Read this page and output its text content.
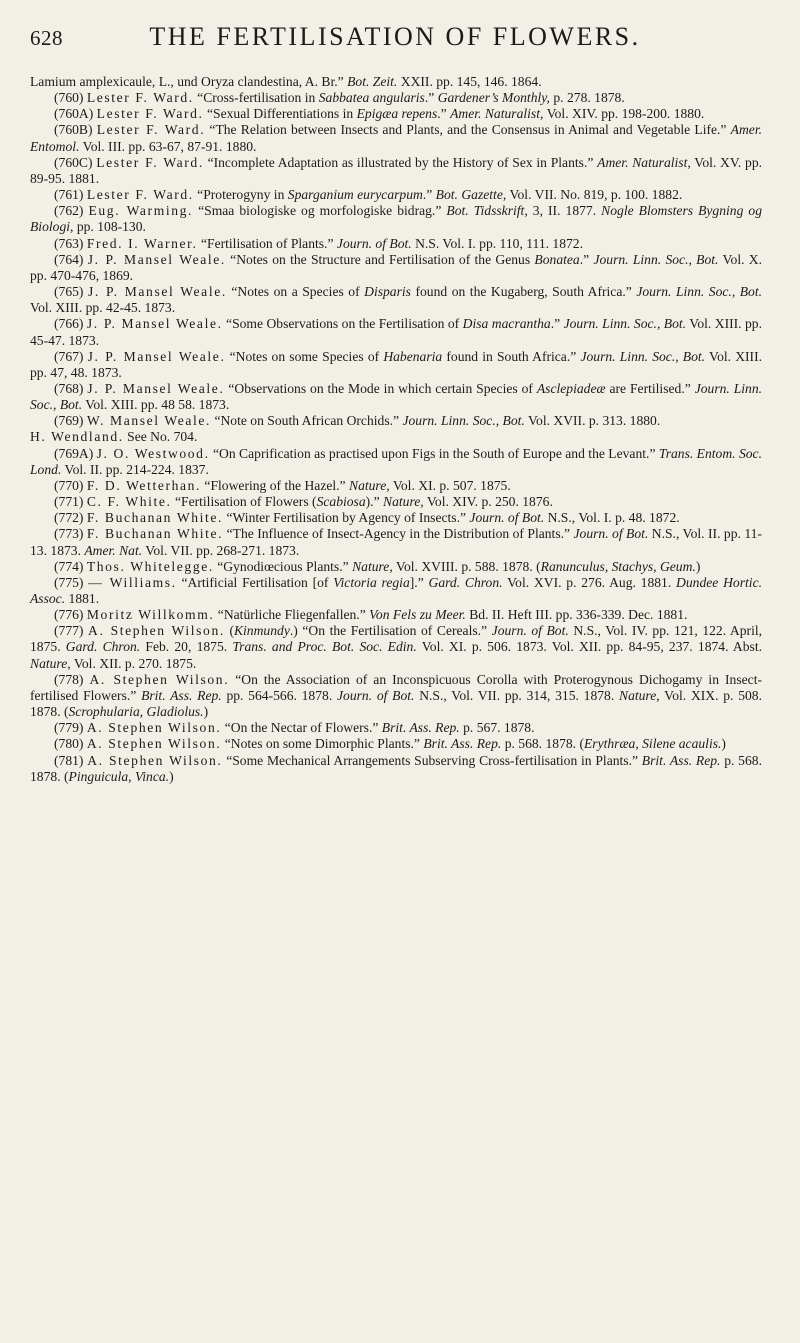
628	THE FERTILISATION OF FLOWERS.

Lamium amplexicaule, L., und Oryza clandestina, A. Br.” Bot. Zeit. XXII. pp. 145, 146. 1864.

(760) Lester F. Ward. “Cross-fertilisation in Sabbatea angularis.” Gardener’s Monthly, p. 278. 1878.

(760A) Lester F. Ward. “Sexual Differentiations in Epigæa repens.” Amer. Naturalist, Vol. XIV. pp. 198-200. 1880.

(760B) Lester F. Ward. “The Relation between Insects and Plants, and the Consensus in Animal and Vegetable Life.” Amer. Entomol. Vol. III. pp. 63-67, 87-91. 1880.

(760C) Lester F. Ward. “Incomplete Adaptation as illustrated by the History of Sex in Plants.” Amer. Naturalist, Vol. XV. pp. 89-95. 1881.

(761) Lester F. Ward. “Proterogyny in Sparganium eurycarpum.” Bot. Gazette, Vol. VII. No. 819, p. 100. 1882.

(762) Eug. Warming. “Smaa biologiske og morfologiske bidrag.” Bot. Tidsskrift, 3, II. 1877. Nogle Blomsters Bygning og Biologi, pp. 108-130.

(763) Fred. I. Warner. “Fertilisation of Plants.” Journ. of Bot. N.S. Vol. I. pp. 110, 111. 1872.

(764) J. P. Mansel Weale. “Notes on the Structure and Fertilisation of the Genus Bonatea.” Journ. Linn. Soc., Bot. Vol. X. pp. 470-476, 1869.

(765) J. P. Mansel Weale. “Notes on a Species of Disparis found on the Kugaberg, South Africa.” Journ. Linn. Soc., Bot. Vol. XIII. pp. 42-45. 1873.

(766) J. P. Mansel Weale. “Some Observations on the Fertilisation of Disa macrantha.” Journ. Linn. Soc., Bot. Vol. XIII. pp. 45-47. 1873.

(767) J. P. Mansel Weale. “Notes on some Species of Habenaria found in South Africa.” Journ. Linn. Soc., Bot. Vol. XIII. pp. 47, 48. 1873.

(768) J. P. Mansel Weale. “Observations on the Mode in which certain Species of Asclepiadeæ are Fertilised.” Journ. Linn. Soc., Bot. Vol. XIII. pp. 48 58. 1873.

(769) W. Mansel Weale. “Note on South African Orchids.” Journ. Linn. Soc., Bot. Vol. XVII. p. 313. 1880.

H. Wendland. See No. 704.

(769A) J. O. Westwood. “On Caprification as practised upon Figs in the South of Europe and the Levant.” Trans. Entom. Soc. Lond. Vol. II. pp. 214-224. 1837.

(770) F. D. Wetterhan. “Flowering of the Hazel.” Nature, Vol. XI. p. 507. 1875.

(771) C. F. White. “Fertilisation of Flowers (Scabiosa).” Nature, Vol. XIV. p. 250. 1876.

(772) F. Buchanan White. “Winter Fertilisation by Agency of Insects.” Journ. of Bot. N.S., Vol. I. p. 48. 1872.

(773) F. Buchanan White. “The Influence of Insect-Agency in the Distribution of Plants.” Journ. of Bot. N.S., Vol. II. pp. 11-13. 1873. Amer. Nat. Vol. VII. pp. 268-271. 1873.

(774) Thos. Whitelegge. “Gynodiœcious Plants.” Nature, Vol. XVIII. p. 588. 1878. (Ranunculus, Stachys, Geum.)

(775) — Williams. “Artificial Fertilisation [of Victoria regia].” Gard. Chron. Vol. XVI. p. 276. Aug. 1881. Dundee Hortic. Assoc. 1881.

(776) Moritz Willkomm. “Natürliche Fliegenfallen.” Von Fels zu Meer. Bd. II. Heft III. pp. 336-339. Dec. 1881.

(777) A. Stephen Wilson. (Kinmundy.) “On the Fertilisation of Cereals.” Journ. of Bot. N.S., Vol. IV. pp. 121, 122. April, 1875. Gard. Chron. Feb. 20, 1875. Trans. and Proc. Bot. Soc. Edin. Vol. XI. p. 506. 1873. Vol. XII. pp. 84-95, 237. 1874. Abst. Nature, Vol. XII. p. 270. 1875.

(778) A. Stephen Wilson. “On the Association of an Inconspicuous Corolla with Proterogynous Dichogamy in Insect-fertilised Flowers.” Brit. Ass. Rep. pp. 564-566. 1878. Journ. of Bot. N.S., Vol. VII. pp. 314, 315. 1878. Nature, Vol. XIX. p. 508. 1878. (Scrophularia, Gladiolus.)

(779) A. Stephen Wilson. “On the Nectar of Flowers.” Brit. Ass. Rep. p. 567. 1878.

(780) A. Stephen Wilson. “Notes on some Dimorphic Plants.” Brit. Ass. Rep. p. 568. 1878. (Erythræa, Silene acaulis.)

(781) A. Stephen Wilson. “Some Mechanical Arrangements Subserving Cross-fertilisation in Plants.” Brit. Ass. Rep. p. 568. 1878. (Pinguicula, Vinca.)
